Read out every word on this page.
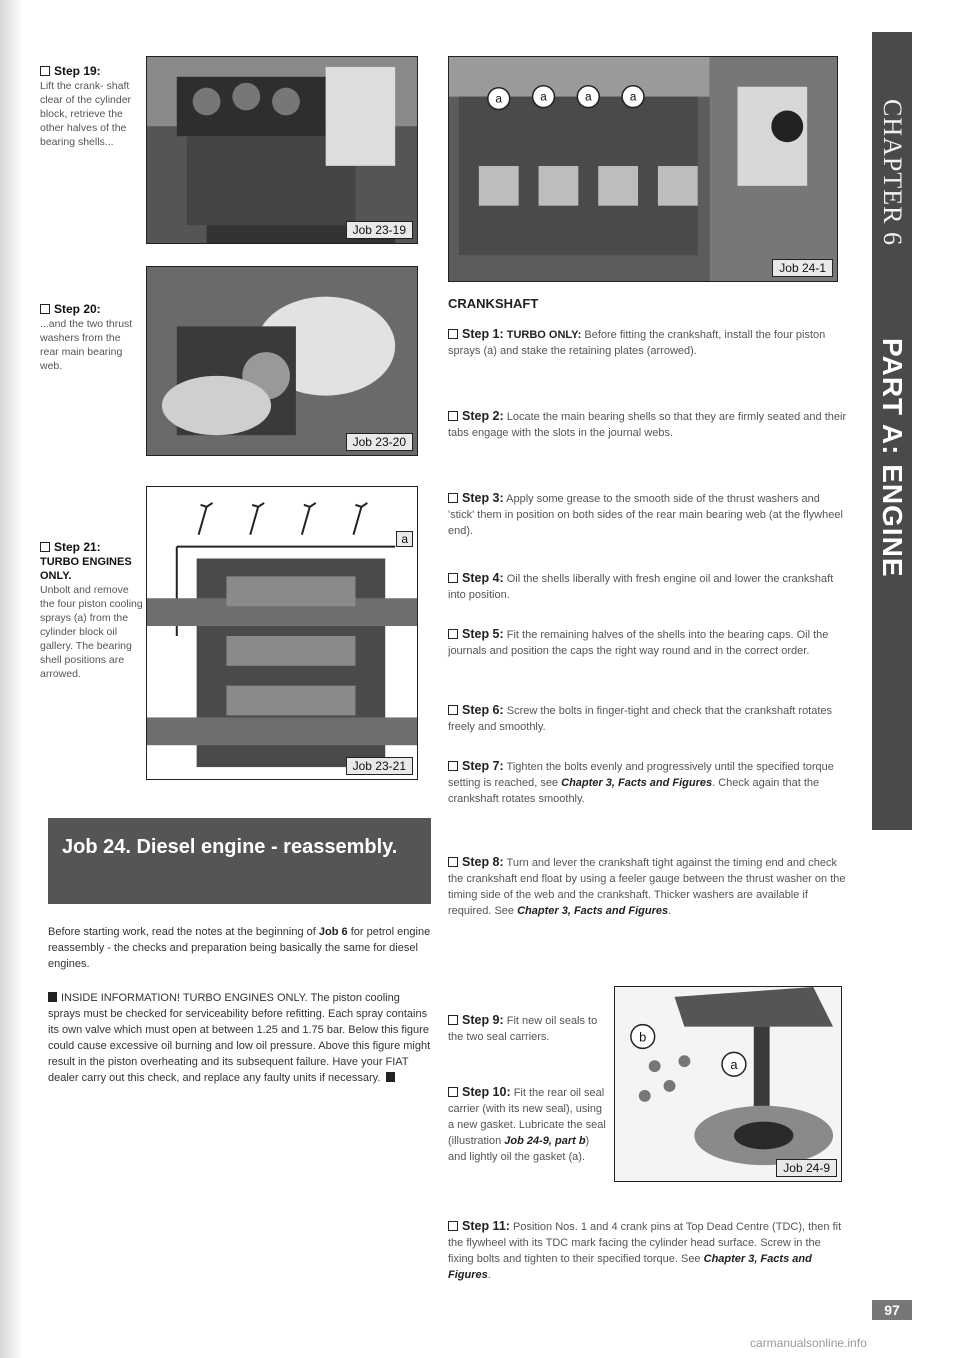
Step 19:
Lift the crank- shaft clear of the cylinder block, retrieve the other halves of the bearing shells...
Job 23-19
Step 20:
...and the two thrust washers from the rear main bearing web.
Job 23-20
Step 21:
TURBO ENGINES ONLY.
Unbolt and remove the four piston cooling sprays (a) from the cylinder block oil gallery. The bearing shell positions are arrowed.
a
Job 23-21
Job 24. Diesel engine - reassembly.
Before starting work, read the notes at the beginning of Job 6 for petrol engine reassembly - the checks and preparation being basically the same for diesel engines.
INSIDE INFORMATION! TURBO ENGINES ONLY. The piston cooling sprays must be checked for serviceability before refitting. Each spray contains its own valve which must open at between 1.25 and 1.75 bar. Below this figure could cause excessive oil burning and low oil pressure. Above this figure might result in the piston overheating and its subsequent failure. Have your FIAT dealer carry out this check, and replace any faulty units if necessary.
a	a	a	a
Job 24-1
CRANKSHAFT
Step 1: TURBO ONLY: Before fitting the crankshaft, install the four piston sprays (a) and stake the retaining plates (arrowed).
Step 2: Locate the main bearing shells so that they are firmly seated and their tabs engage with the slots in the journal webs.
Step 3: Apply some grease to the smooth side of the thrust washers and 'stick' them in position on both sides of the rear main bearing web (at the flywheel end).
Step 4: Oil the shells liberally with fresh engine oil and lower the crankshaft into position.
Step 5: Fit the remaining halves of the shells into the bearing caps. Oil the journals and position the caps the right way round and in the correct order.
Step 6: Screw the bolts in finger-tight and check that the crankshaft rotates freely and smoothly.
Step 7: Tighten the bolts evenly and progressively until the specified torque setting is reached, see Chapter 3, Facts and Figures. Check again that the crankshaft rotates smoothly.
Step 8: Turn and lever the crankshaft tight against the timing end and check the crankshaft end float by using a feeler gauge between the thrust washer on the timing side of the web and the crankshaft. Thicker washers are available if required. See Chapter 3, Facts and Figures.
Step 9: Fit new oil seals to the two seal carriers.
Step 10: Fit the rear oil seal carrier (with its new seal), using a new gasket. Lubricate the seal (illustration Job 24-9, part b) and lightly oil the gasket (a).
b
a
Job 24-9
Step 11: Position Nos. 1 and 4 crank pins at Top Dead Centre (TDC), then fit the flywheel with its TDC mark facing the cylinder head surface. Screw in the fixing bolts and tighten to their specified torque. See Chapter 3, Facts and Figures.
CHAPTER 6
PART A: ENGINE
97
carmanualsonline.info
